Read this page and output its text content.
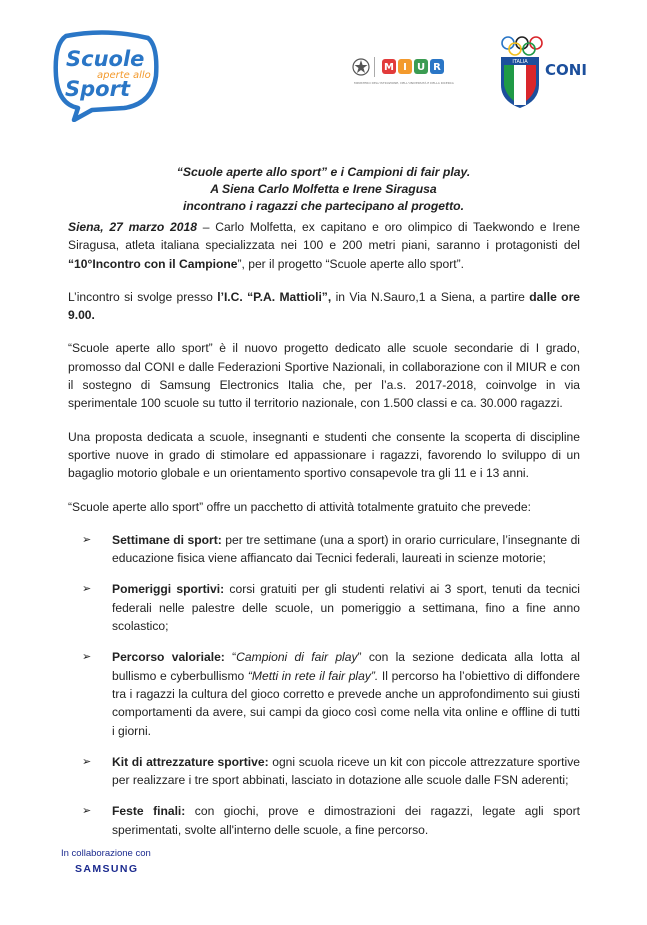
Scuole
aperte allo
Sport
M I U R
MINISTERO DELL'ISTRUZIONE, DELL'UNIVERSITÀ E DELLA RICERCA
ITALIA CONI
“Scuole aperte allo sport” e i Campioni di fair play.
A Siena Carlo Molfetta e Irene Siragusa
incontrano i ragazzi che partecipano al progetto.

Siena, 27 marzo 2018 – Carlo Molfetta, ex capitano e oro olimpico di Taekwondo e Irene Siragusa, atleta italiana specializzata nei 100 e 200 metri piani, saranno i protagonisti del “10°Incontro con il Campione”, per il progetto “Scuole aperte allo sport”.

L’incontro si svolge presso l’I.C. “P.A. Mattioli”, in Via N.Sauro,1 a Siena, a partire dalle ore 9.00.

“Scuole aperte allo sport” è il nuovo progetto dedicato alle scuole secondarie di I grado, promosso dal CONI e dalle Federazioni Sportive Nazionali, in collaborazione con il MIUR e con il sostegno di Samsung Electronics Italia che, per l’a.s. 2017-2018, coinvolge in via sperimentale 100 scuole su tutto il territorio nazionale, con 1.500 classi e ca. 30.000 ragazzi.

Una proposta dedicata a scuole, insegnanti e studenti che consente la scoperta di discipline sportive nuove in grado di stimolare ed appassionare i ragazzi, favorendo lo sviluppo di un bagaglio motorio globale e un orientamento sportivo consapevole tra gli 11 e i 13 anni.

“Scuole aperte allo sport” offre un pacchetto di attività totalmente gratuito che prevede:

➢ Settimane di sport: per tre settimane (una a sport) in orario curriculare, l’insegnante di educazione fisica viene affiancato dai Tecnici federali, laureati in scienze motorie;
➢ Pomeriggi sportivi: corsi gratuiti per gli studenti relativi ai 3 sport, tenuti da tecnici federali nelle palestre delle scuole, un pomeriggio a settimana, fino a fine anno scolastico;
➢ Percorso valoriale: “Campioni di fair play” con la sezione dedicata alla lotta al bullismo e cyberbullismo “Metti in rete il fair play”. Il percorso ha l’obiettivo di diffondere tra i ragazzi la cultura del gioco corretto e prevede anche un approfondimento sui giusti comportamenti da avere, sui campi da gioco così come nella vita online e offline di tutti i giorni.
➢ Kit di attrezzature sportive: ogni scuola riceve un kit con piccole attrezzature sportive per realizzare i tre sport abbinati, lasciato in dotazione alle scuole dalle FSN aderenti;
➢ Feste finali: con giochi, prove e dimostrazioni dei ragazzi, legate agli sport sperimentati, svolte all'interno delle scuole, a fine percorso.
In collaborazione con
SAMSUNG
